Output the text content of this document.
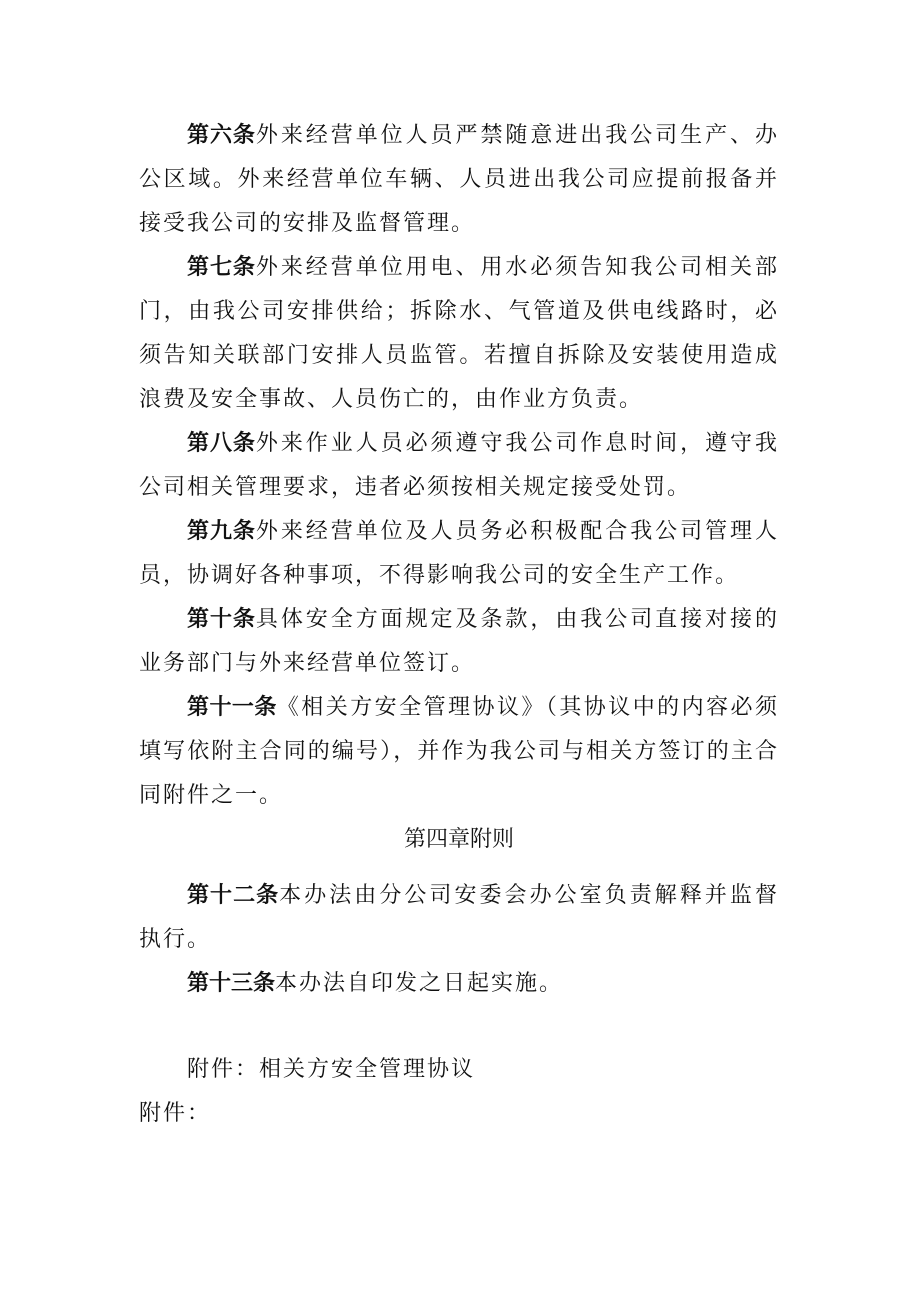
第六条外来经营单位人员严禁随意进出我公司生产、办公区域。外来经营单位车辆、人员进出我公司应提前报备并接受我公司的安排及监督管理。

第七条外来经营单位用电、用水必须告知我公司相关部门，由我公司安排供给；拆除水、气管道及供电线路时，必须告知关联部门安排人员监管。若擅自拆除及安装使用造成浪费及安全事故、人员伤亡的，由作业方负责。

第八条外来作业人员必须遵守我公司作息时间，遵守我公司相关管理要求，违者必须按相关规定接受处罚。

第九条外来经营单位及人员务必积极配合我公司管理人员，协调好各种事项，不得影响我公司的安全生产工作。

第十条具体安全方面规定及条款，由我公司直接对接的业务部门与外来经营单位签订。

第十一条《相关方安全管理协议》（其协议中的内容必须填写依附主合同的编号），并作为我公司与相关方签订的主合同附件之一。

第四章附则

第十二条本办法由分公司安委会办公室负责解释并监督执行。

第十三条本办法自印发之日起实施。

附件：相关方安全管理协议

附件：
